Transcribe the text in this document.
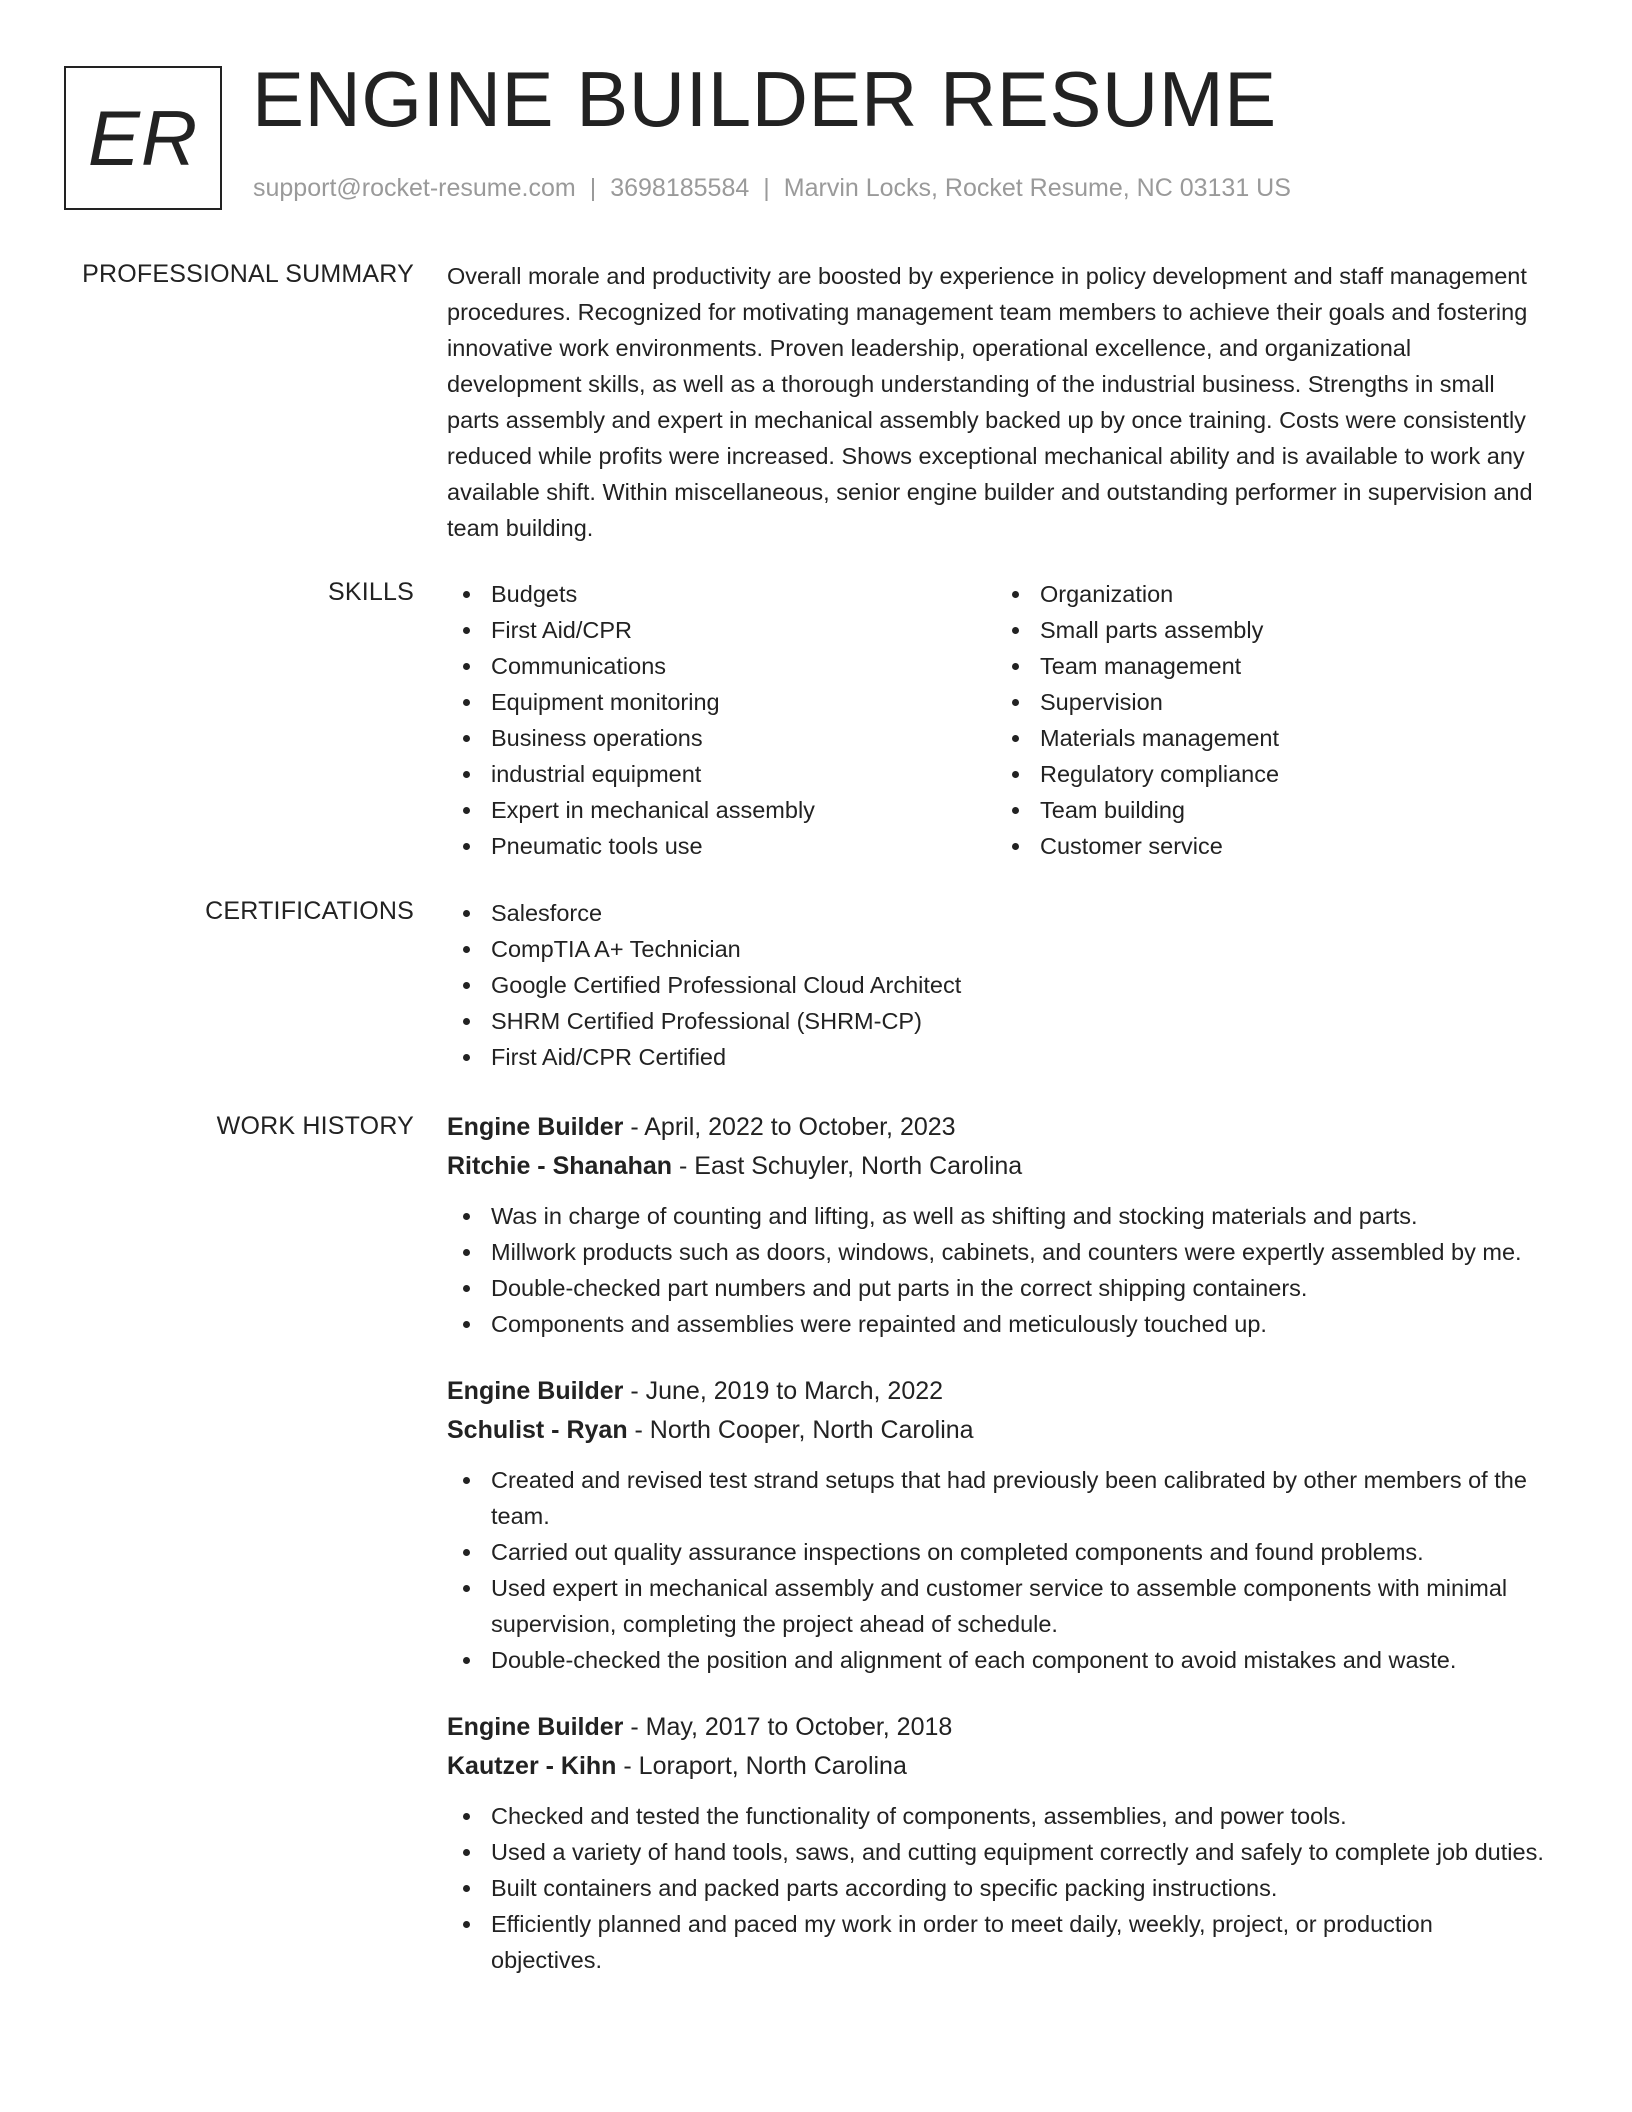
ER ENGINE BUILDER RESUME
support@rocket-resume.com | 3698185584 | Marvin Locks, Rocket Resume, NC 03131 US
PROFESSIONAL SUMMARY Overall morale and productivity are boosted by experience in policy development and staff management procedures. Recognized for motivating management team members to achieve their goals and fostering innovative work environments. Proven leadership, operational excellence, and organizational development skills, as well as a thorough understanding of the industrial business. Strengths in small parts assembly and expert in mechanical assembly backed up by once training. Costs were consistently reduced while profits were increased. Shows exceptional mechanical ability and is available to work any available shift. Within miscellaneous, senior engine builder and outstanding performer in supervision and team building.
SKILLS	Budgets
First Aid/CPR
Communications
Equipment monitoring
Business operations
industrial equipment
Expert in mechanical assembly
Pneumatic tools use
Organization
Small parts assembly
Team management
Supervision
Materials management
Regulatory compliance
Team building
Customer service
CERTIFICATIONS	Salesforce
CompTIA A+ Technician
Google Certified Professional Cloud Architect
SHRM Certified Professional (SHRM-CP)
First Aid/CPR Certified
WORK HISTORY Engine Builder - April, 2022 to October, 2023
Ritchie - Shanahan - East Schuyler, North Carolina
Was in charge of counting and lifting, as well as shifting and stocking materials and parts.
Millwork products such as doors, windows, cabinets, and counters were expertly assembled by me.
Double-checked part numbers and put parts in the correct shipping containers.
Components and assemblies were repainted and meticulously touched up.
Engine Builder - June, 2019 to March, 2022
Schulist - Ryan - North Cooper, North Carolina
Created and revised test strand setups that had previously been calibrated by other members of the team.
Carried out quality assurance inspections on completed components and found problems.
Used expert in mechanical assembly and customer service to assemble components with minimal supervision, completing the project ahead of schedule.
Double-checked the position and alignment of each component to avoid mistakes and waste.
Engine Builder - May, 2017 to October, 2018
Kautzer - Kihn - Loraport, North Carolina
Checked and tested the functionality of components, assemblies, and power tools.
Used a variety of hand tools, saws, and cutting equipment correctly and safely to complete job duties.
Built containers and packed parts according to specific packing instructions.
Efficiently planned and paced my work in order to meet daily, weekly, project, or production objectives.
